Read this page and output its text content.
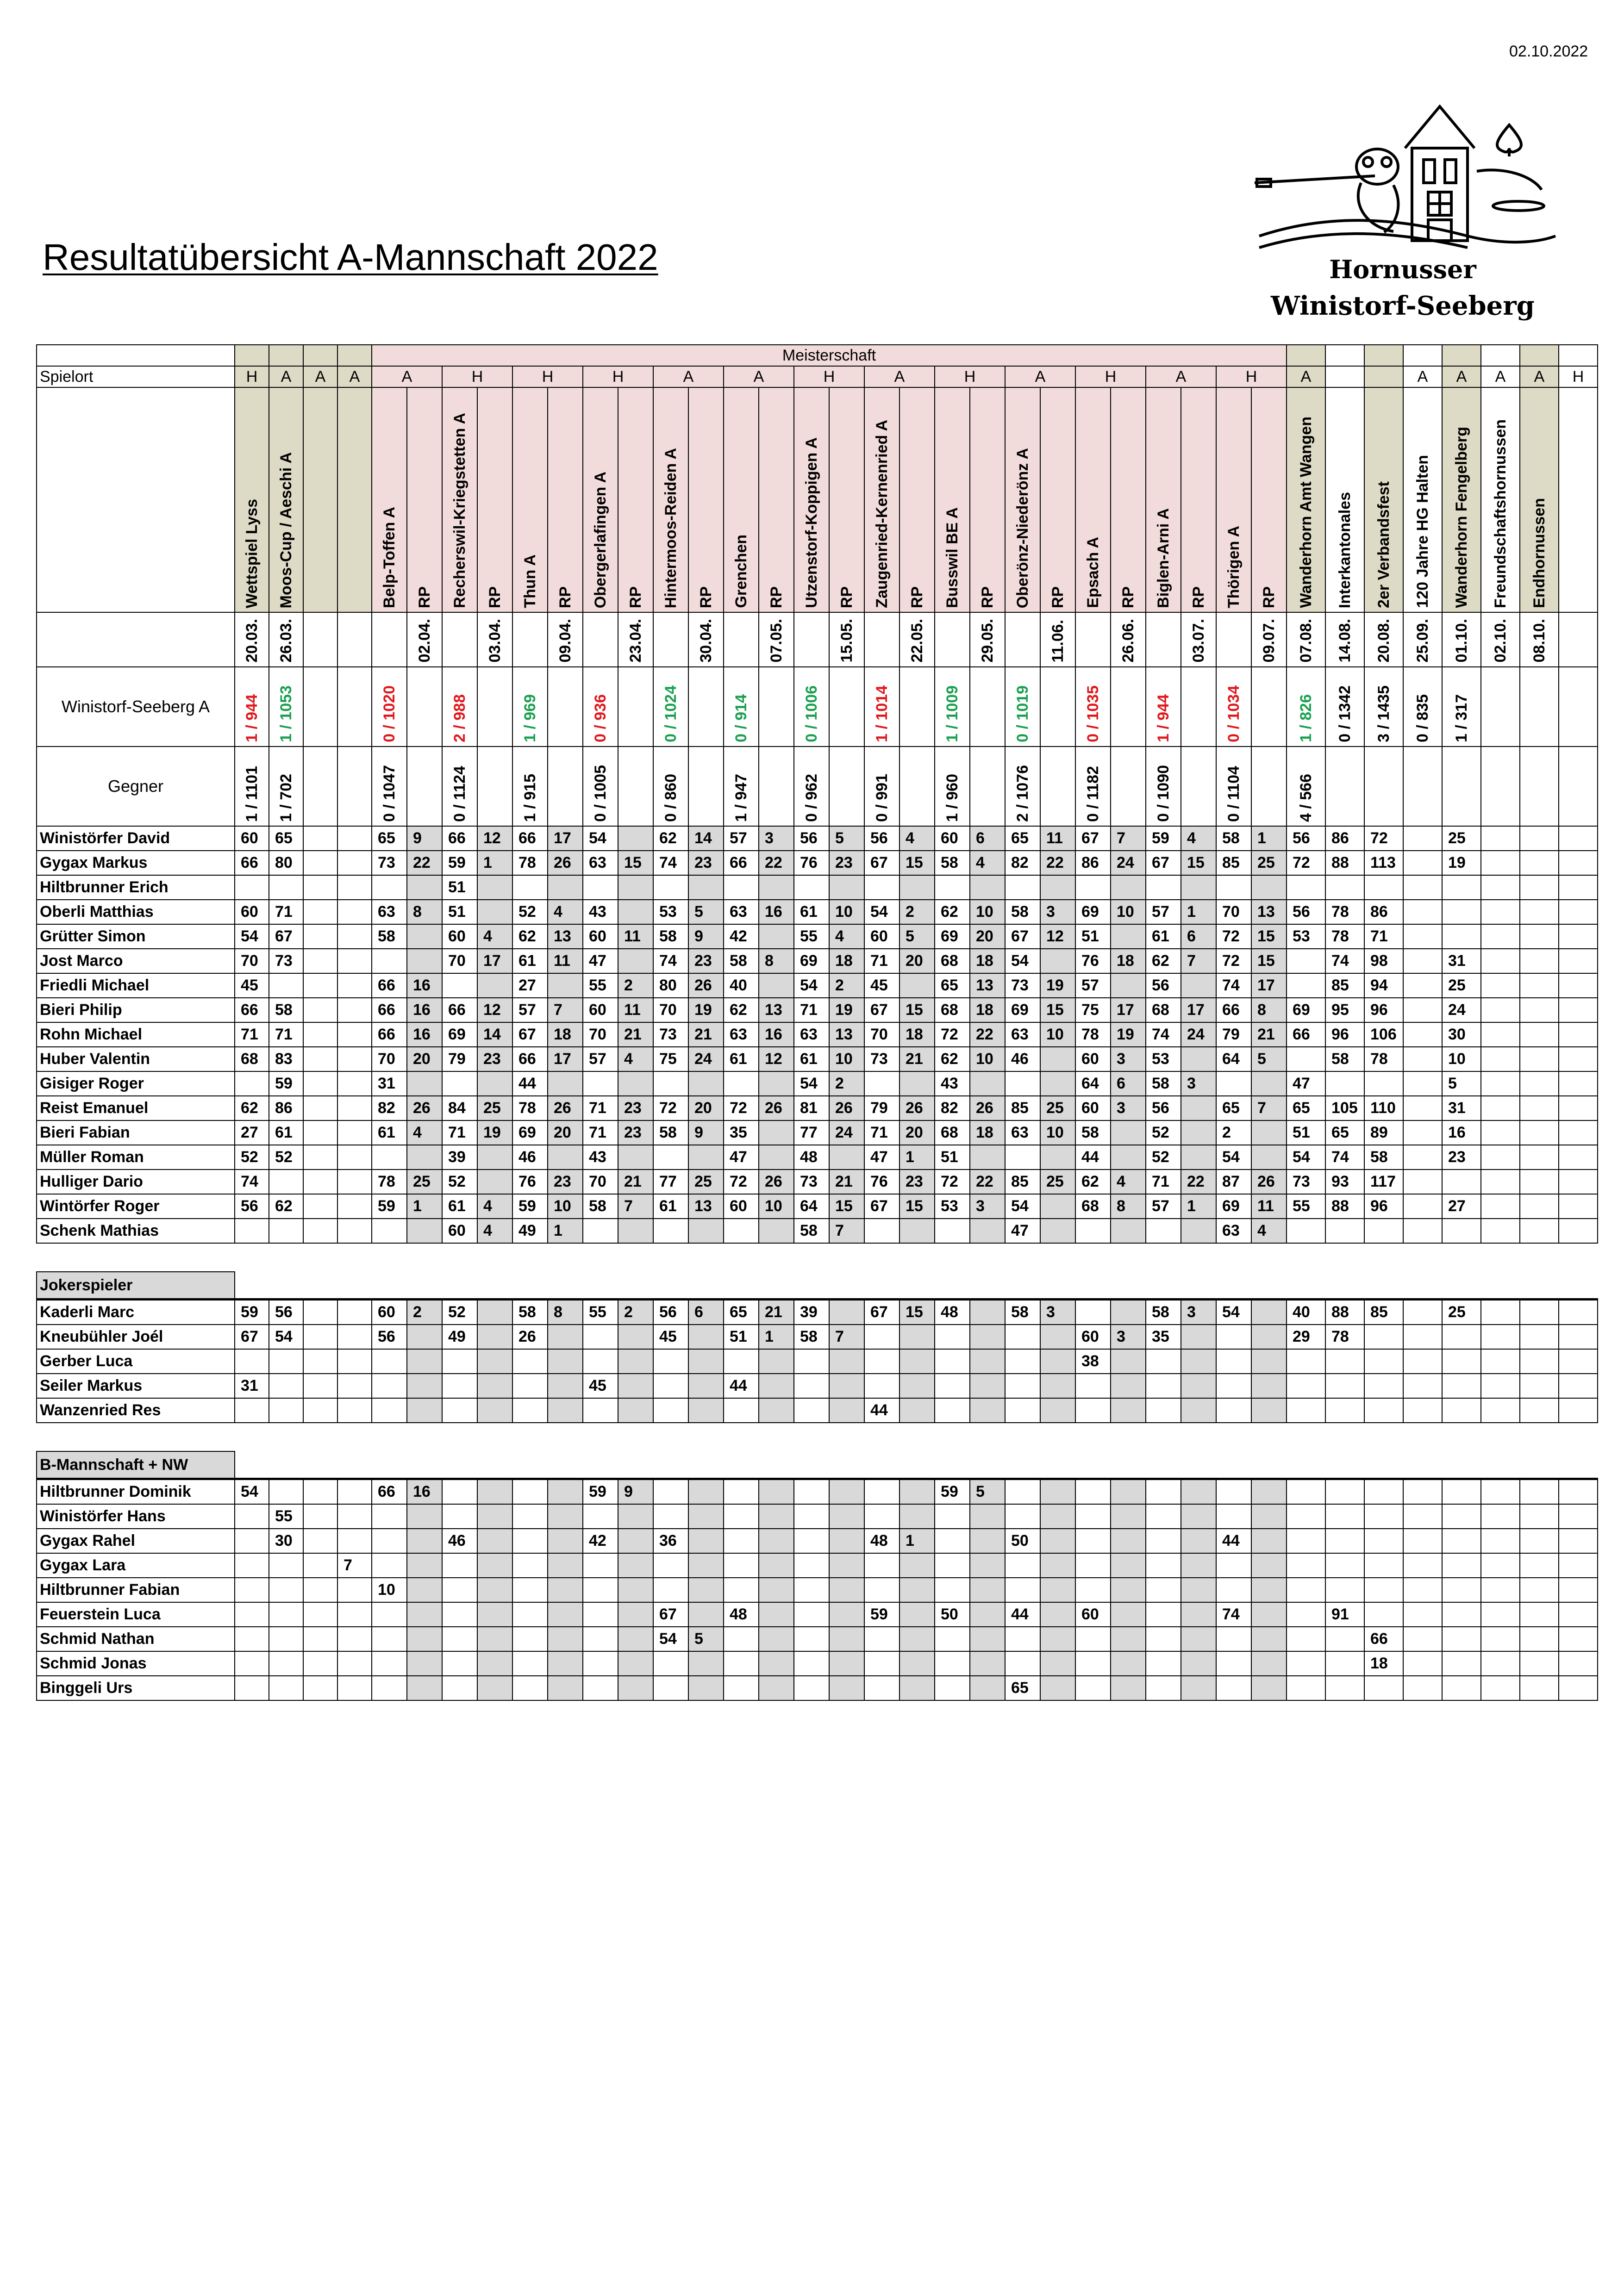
02.10.2022
Resultatübersicht A-Mannschaft 2022	Hornusser
Winistorf-Seeberg
					Meisterschaft																																	
Spielort	H	A	A	A	A		H		H		H		A		A		H		A		H		A		H		A		H		A			A	A	A	A	H

	Wettspiel Lyss	Moos-Cup / Aeschi A			Belp-Toffen A	RP	Recherswil-Kriegstetten A	RP	Thun A	RP	Obergerlafingen A	RP	Hintermoos-Reiden A	RP	Grenchen	RP	Utzenstorf-Koppigen A	RP	Zaugenried-Kernenried A	RP	Busswil BE A	RP	Oberönz-Niederönz A	RP	Epsach A	RP	Biglen-Arni A	RP	Thörigen A	RP	Wanderhorn Amt Wangen	Interkantonales	2er Verbandsfest	120 Jahre HG Halten	Wanderhorn Fengelberg	Freundschaftshornussen	Endhornussen	

	20.03.	26.03.				02.04.		03.04.		09.04.		23.04.		30.04.		07.05.		15.05.		22.05.		29.05.		11.06.		26.06.		03.07.		09.07.	07.08.	14.08.	20.08.	25.09.	01.10.	02.10.	08.10.	

Winistorf-Seeberg A	1 / 944	1 / 1053			0 / 1020		2 / 988		1 / 969		0 / 936		0 / 1024		0 / 914		0 / 1006		1 / 1014		1 / 1009		0 / 1019		0 / 1035		1 / 944		0 / 1034		1 / 826	0 / 1342	3 / 1435	0 / 835	1 / 317			

Gegner	1 / 1101	1 / 702			0 / 1047		0 / 1124		1 / 915		0 / 1005		0 / 860		1 / 947		0 / 962		0 / 991		1 / 960		2 / 1076		0 / 1182		0 / 1090		0 / 1104		4 / 566							

Winistörfer David	60	65			65	9	66	12	66	17	54		62	14	57	3	56	5	56	4	60	6	65	11	67	7	59	4	58	1	56	86	72		25			
Gygax Markus	66	80			73	22	59	1	78	26	63	15	74	23	66	22	76	23	67	15	58	4	82	22	86	24	67	15	85	25	72	88	113		19			
Hiltbrunner Erich							51																															
Oberli Matthias	60	71			63	8	51		52	4	43		53	5	63	16	61	10	54	2	62	10	58	3	69	10	57	1	70	13	56	78	86					
Grütter Simon	54	67			58		60	4	62	13	60	11	58	9	42		55	4	60	5	69	20	67	12	51		61	6	72	15	53	78	71					
Jost Marco	70	73					70	17	61	11	47		74	23	58	8	69	18	71	20	68	18	54		76	18	62	7	72	15		74	98		31			
Friedli Michael	45				66	16			27		55	2	80	26	40		54	2	45		65	13	73	19	57		56		74	17		85	94		25			
Bieri Philip	66	58			66	16	66	12	57	7	60	11	70	19	62	13	71	19	67	15	68	18	69	15	75	17	68	17	66	8	69	95	96		24			
Rohn Michael	71	71			66	16	69	14	67	18	70	21	73	21	63	16	63	13	70	18	72	22	63	10	78	19	74	24	79	21	66	96	106		30			
Huber Valentin	68	83			70	20	79	23	66	17	57	4	75	24	61	12	61	10	73	21	62	10	46		60	3	53		64	5		58	78		10			
Gisiger Roger		59			31				44								54	2			43				64	6	58	3			47				5			
Reist Emanuel	62	86			82	26	84	25	78	26	71	23	72	20	72	26	81	26	79	26	82	26	85	25	60	3	56		65	7	65	105	110		31			
Bieri Fabian	27	61			61	4	71	19	69	20	71	23	58	9	35		77	24	71	20	68	18	63	10	58		52		2		51	65	89		16			
Müller Roman	52	52					39		46		43				47		48		47	1	51				44		52		54		54	74	58		23			
Hulliger Dario	74				78	25	52		76	23	70	21	77	25	72	26	73	21	76	23	72	22	85	25	62	4	71	22	87	26	73	93	117					
Wintörfer Roger	56	62			59	1	61	4	59	10	58	7	61	13	60	10	64	15	67	15	53	3	54		68	8	57	1	69	11	55	88	96		27			
Schenk Mathias							60	4	49	1							58	7					47						63	4								

Jokerspieler																																						
Kaderli Marc	59	56			60	2	52		58	8	55	2	56	6	65	21	39		67	15	48		58	3			58	3	54		40	88	85		25			
Kneubühler Joél	67	54			56		49		26				45		51	1	58	7							60	3	35				29	78						
Gerber Luca																									38													
Seiler Markus	31										45				44																							
Wanzenried Res																			44																			

B-Mannschaft + NW																																						
Hiltbrunner Dominik	54				66	16					59	9									59	5																
Winistörfer Hans		55																																				
Gygax Rahel		30					46				42		36						48	1			50						44									
Gygax Lara				7																																		
Hiltbrunner Fabian					10																																	
Feuerstein Luca													67		48				59		50		44		60				74			91						
Schmid Nathan													54	5																			66					
Schmid Jonas																																	18					
Binggeli Urs																							65															
